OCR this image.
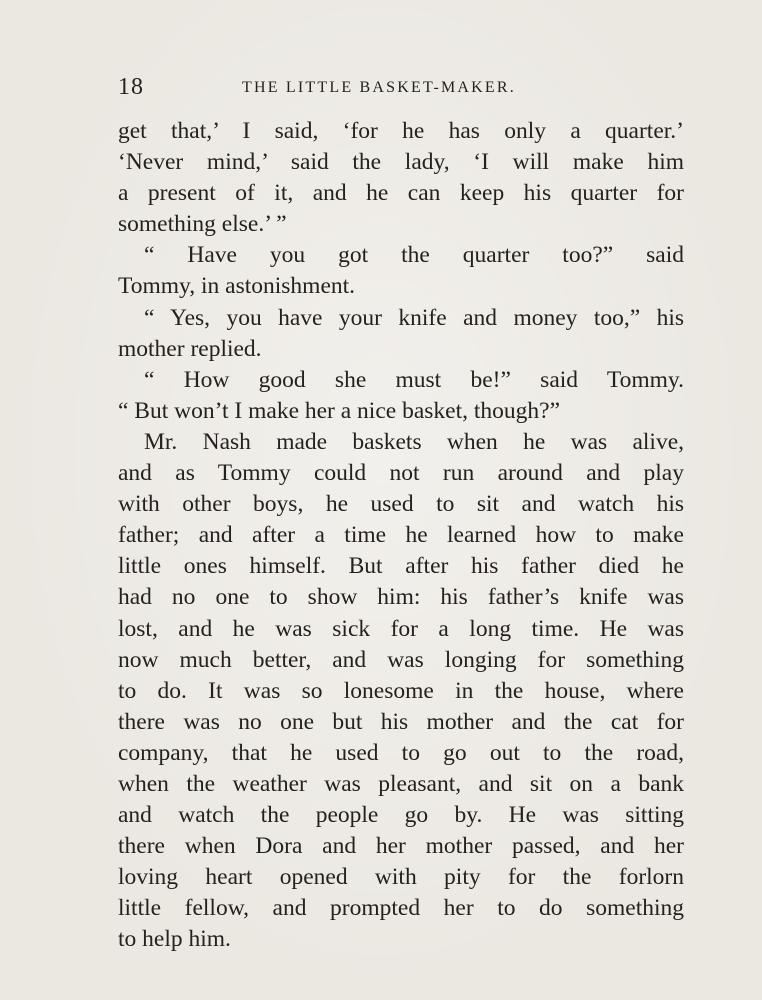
18	THE LITTLE BASKET-MAKER.
get that,’ I said, ‘for he has only a quarter.’
‘Never mind,’ said the lady, ‘I will make him
a present of it, and he can keep his quarter for
something else.’ ”
“ Have you got the quarter too?” said
Tommy, in astonishment.
“ Yes, you have your knife and money too,” his
mother replied.
“ How good she must be!” said Tommy.
“ But won’t I make her a nice basket, though?”
Mr. Nash made baskets when he was alive,
and as Tommy could not run around and play
with other boys, he used to sit and watch his
father; and after a time he learned how to make
little ones himself. But after his father died he
had no one to show him: his father’s knife was
lost, and he was sick for a long time. He was
now much better, and was longing for something
to do. It was so lonesome in the house, where
there was no one but his mother and the cat for
company, that he used to go out to the road,
when the weather was pleasant, and sit on a bank
and watch the people go by. He was sitting
there when Dora and her mother passed, and her
loving heart opened with pity for the forlorn
little fellow, and prompted her to do something
to help him.
